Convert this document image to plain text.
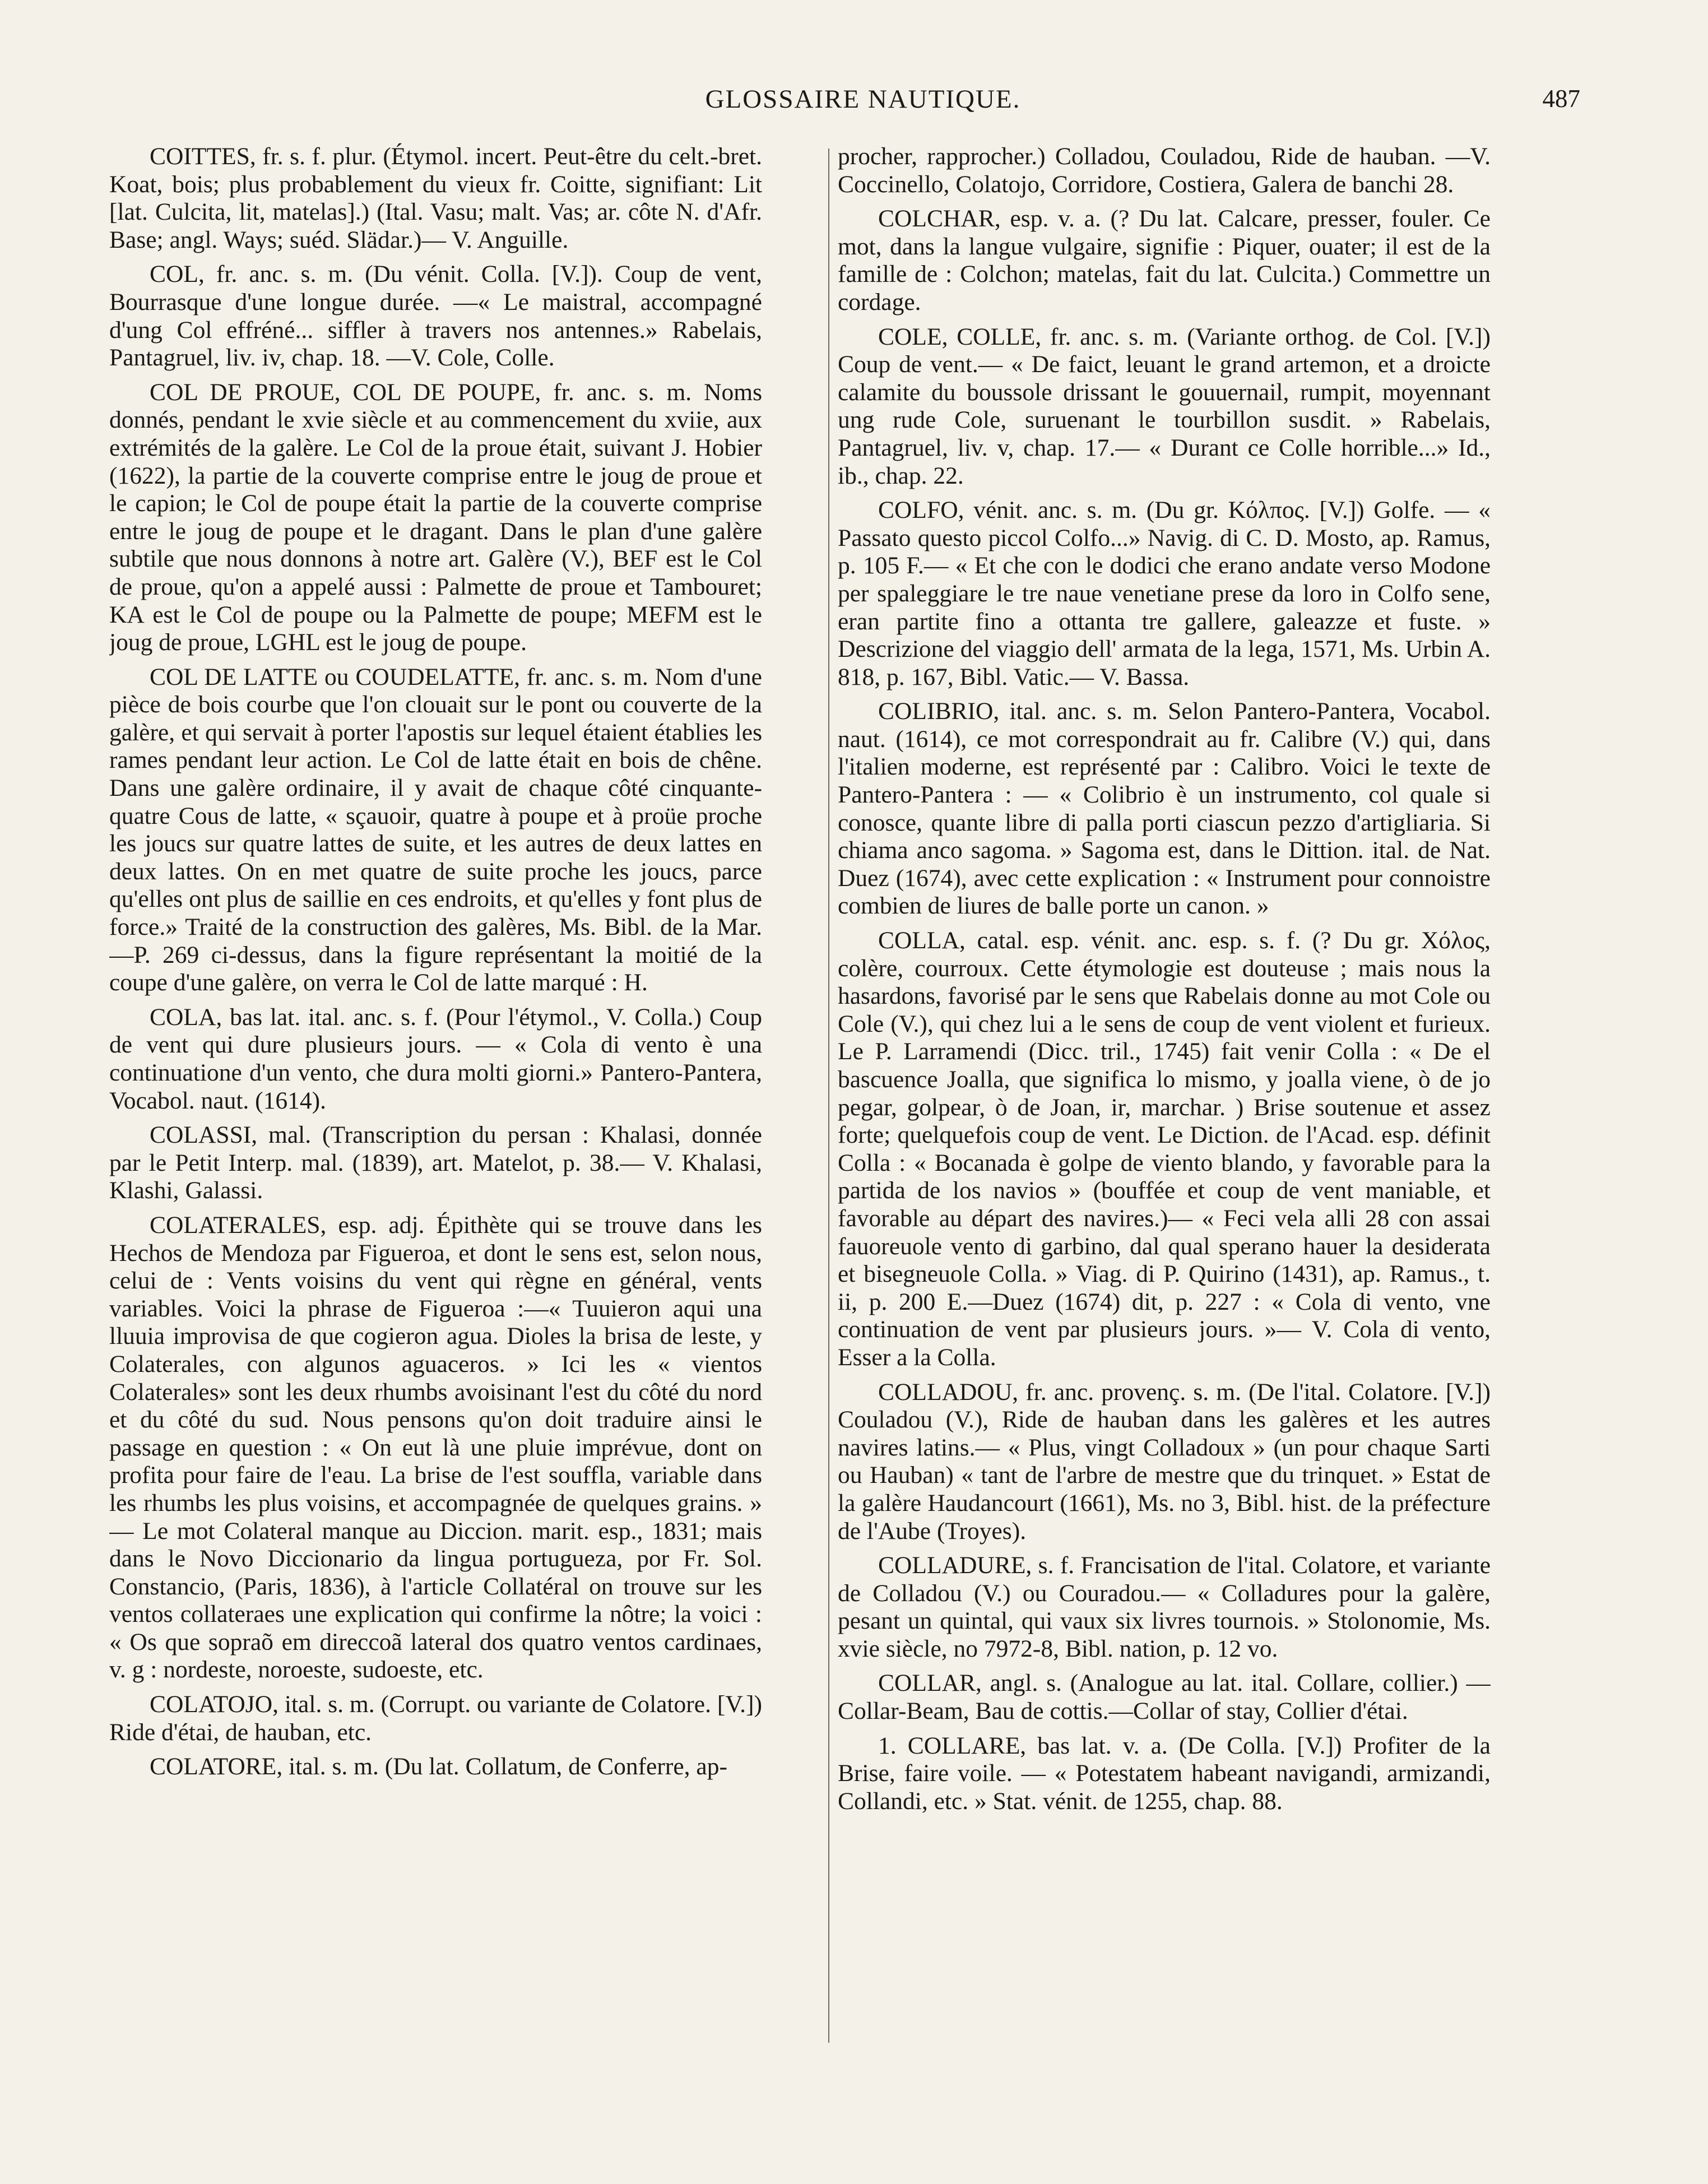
GLOSSAIRE NAUTIQUE.	487

COITTES, fr. s. f. plur. (Étymol. incert. Peut-être du celt.-bret. Koat, bois; plus probablement du vieux fr. Coitte, signifiant: Lit [lat. Culcita, lit, matelas].) (Ital. Vasu; malt. Vas; ar. côte N. d'Afr. Base; angl. Ways; suéd. Slädar.)— V. Anguille.

COL, fr. anc. s. m. (Du vénit. Colla. [V.]). Coup de vent, Bourrasque d'une longue durée. —« Le maistral, accompagné d'ung Col effréné... siffler à travers nos antennes.» Rabelais, Pantagruel, liv. iv, chap. 18. —V. Cole, Colle.

COL DE PROUE, COL DE POUPE, fr. anc. s. m. Noms donnés, pendant le xvie siècle et au commencement du xviie, aux extrémités de la galère. Le Col de la proue était, suivant J. Hobier (1622), la partie de la couverte comprise entre le joug de proue et le capion; le Col de poupe était la partie de la couverte comprise entre le joug de poupe et le dragant. Dans le plan d'une galère subtile que nous donnons à notre art. Galère (V.), BEF est le Col de proue, qu'on a appelé aussi : Palmette de proue et Tambouret; KA est le Col de poupe ou la Palmette de poupe; MEFM est le joug de proue, LGHL est le joug de poupe.

COL DE LATTE ou COUDELATTE, fr. anc. s. m. Nom d'une pièce de bois courbe que l'on clouait sur le pont ou couverte de la galère, et qui servait à porter l'apostis sur lequel étaient établies les rames pendant leur action. Le Col de latte était en bois de chêne. Dans une galère ordinaire, il y avait de chaque côté cinquante-quatre Cous de latte, « sçauoir, quatre à poupe et à proüe proche les joucs sur quatre lattes de suite, et les autres de deux lattes en deux lattes. On en met quatre de suite proche les joucs, parce qu'elles ont plus de saillie en ces endroits, et qu'elles y font plus de force.» Traité de la construction des galères, Ms. Bibl. de la Mar.—P. 269 ci-dessus, dans la figure représentant la moitié de la coupe d'une galère, on verra le Col de latte marqué : H.

COLA, bas lat. ital. anc. s. f. (Pour l'étymol., V. Colla.) Coup de vent qui dure plusieurs jours. — « Cola di vento è una continuatione d'un vento, che dura molti giorni.» Pantero-Pantera, Vocabol. naut. (1614).

COLASSI, mal. (Transcription du persan : Khalasi, donnée par le Petit Interp. mal. (1839), art. Matelot, p. 38.— V. Khalasi, Klashi, Galassi.

COLATERALES, esp. adj. Épithète qui se trouve dans les Hechos de Mendoza par Figueroa, et dont le sens est, selon nous, celui de : Vents voisins du vent qui règne en général, vents variables. Voici la phrase de Figueroa :—« Tuuieron aqui una lluuia improvisa de que cogieron agua. Dioles la brisa de leste, y Colaterales, con algunos aguaceros. » Ici les « vientos Colaterales» sont les deux rhumbs avoisinant l'est du côté du nord et du côté du sud. Nous pensons qu'on doit traduire ainsi le passage en question : « On eut là une pluie imprévue, dont on profita pour faire de l'eau. La brise de l'est souffla, variable dans les rhumbs les plus voisins, et accompagnée de quelques grains. » — Le mot Colateral manque au Diccion. marit. esp., 1831; mais dans le Novo Diccionario da lingua portugueza, por Fr. Sol. Constancio, (Paris, 1836), à l'article Collatéral on trouve sur les ventos collateraes une explication qui confirme la nôtre; la voici : « Os que sopraõ em direccoã lateral dos quatro ventos cardinaes, v. g : nordeste, noroeste, sudoeste, etc.

COLATOJO, ital. s. m. (Corrupt. ou variante de Colatore. [V.]) Ride d'étai, de hauban, etc.

COLATORE, ital. s. m. (Du lat. Collatum, de Conferre, ap-

procher, rapprocher.) Colladou, Couladou, Ride de hauban. —V. Coccinello, Colatojo, Corridore, Costiera, Galera de banchi 28.

COLCHAR, esp. v. a. (? Du lat. Calcare, presser, fouler. Ce mot, dans la langue vulgaire, signifie : Piquer, ouater; il est de la famille de : Colchon; matelas, fait du lat. Culcita.) Commettre un cordage.

COLE, COLLE, fr. anc. s. m. (Variante orthog. de Col. [V.]) Coup de vent.— « De faict, leuant le grand artemon, et a droicte calamite du boussole drissant le gouuernail, rumpit, moyennant ung rude Cole, suruenant le tourbillon susdit. » Rabelais, Pantagruel, liv. v, chap. 17.— « Durant ce Colle horrible...» Id., ib., chap. 22.

COLFO, vénit. anc. s. m. (Du gr. Κόλπος. [V.]) Golfe. — « Passato questo piccol Colfo...» Navig. di C. D. Mosto, ap. Ramus, p. 105 F.— « Et che con le dodici che erano andate verso Modone per spaleggiare le tre naue venetiane prese da loro in Colfo sene, eran partite fino a ottanta tre gallere, galeazze et fuste. » Descrizione del viaggio dell' armata de la lega, 1571, Ms. Urbin A. 818, p. 167, Bibl. Vatic.— V. Bassa.

COLIBRIO, ital. anc. s. m. Selon Pantero-Pantera, Vocabol. naut. (1614), ce mot correspondrait au fr. Calibre (V.) qui, dans l'italien moderne, est représenté par : Calibro. Voici le texte de Pantero-Pantera : — « Colibrio è un instrumento, col quale si conosce, quante libre di palla porti ciascun pezzo d'artigliaria. Si chiama anco sagoma. » Sagoma est, dans le Dittion. ital. de Nat. Duez (1674), avec cette explication : « Instrument pour connoistre combien de liures de balle porte un canon. »

COLLA, catal. esp. vénit. anc. esp. s. f. (? Du gr. Χόλος, colère, courroux. Cette étymologie est douteuse ; mais nous la hasardons, favorisé par le sens que Rabelais donne au mot Cole ou Cole (V.), qui chez lui a le sens de coup de vent violent et furieux. Le P. Larramendi (Dicc. tril., 1745) fait venir Colla : « De el bascuence Joalla, que significa lo mismo, y joalla viene, ò de jo pegar, golpear, ò de Joan, ir, marchar. ) Brise soutenue et assez forte; quelquefois coup de vent. Le Diction. de l'Acad. esp. définit Colla : « Bocanada è golpe de viento blando, y favorable para la partida de los navios » (bouffée et coup de vent maniable, et favorable au départ des navires.)— « Feci vela alli 28 con assai fauoreuole vento di garbino, dal qual sperano hauer la desiderata et bisegneuole Colla. » Viag. di P. Quirino (1431), ap. Ramus., t. ii, p. 200 E.—Duez (1674) dit, p. 227 : « Cola di vento, vne continuation de vent par plusieurs jours. »— V. Cola di vento, Esser a la Colla.

COLLADOU, fr. anc. provenç. s. m. (De l'ital. Colatore. [V.]) Couladou (V.), Ride de hauban dans les galères et les autres navires latins.— « Plus, vingt Colladoux » (un pour chaque Sarti ou Hauban) « tant de l'arbre de mestre que du trinquet. » Estat de la galère Haudancourt (1661), Ms. no 3, Bibl. hist. de la préfecture de l'Aube (Troyes).

COLLADURE, s. f. Francisation de l'ital. Colatore, et variante de Colladou (V.) ou Couradou.— « Colladures pour la galère, pesant un quintal, qui vaux six livres tournois. » Stolonomie, Ms. xvie siècle, no 7972-8, Bibl. nation, p. 12 vo.

COLLAR, angl. s. (Analogue au lat. ital. Collare, collier.) —Collar-Beam, Bau de cottis.—Collar of stay, Collier d'étai.

1. COLLARE, bas lat. v. a. (De Colla. [V.]) Profiter de la Brise, faire voile. — « Potestatem habeant navigandi, armizandi, Collandi, etc. » Stat. vénit. de 1255, chap. 88.
